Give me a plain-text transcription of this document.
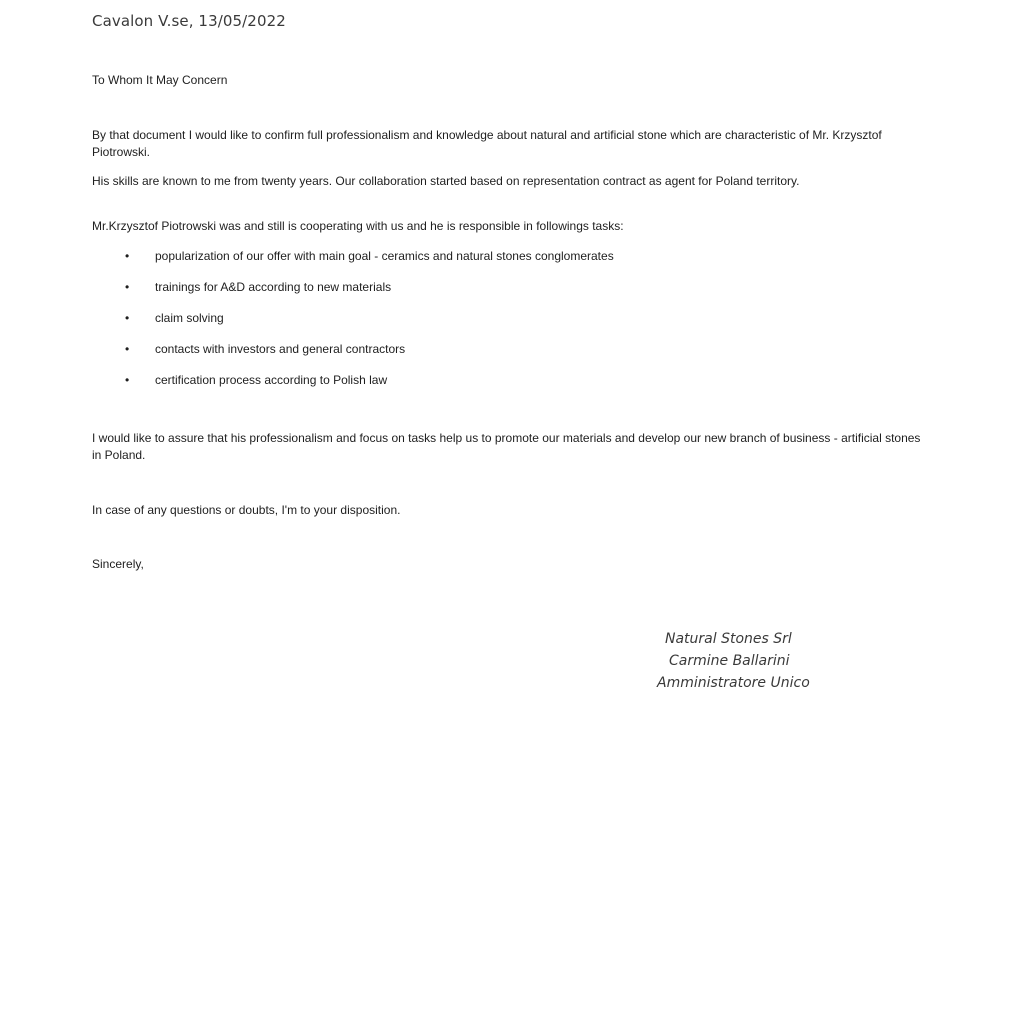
Cavalon V.se, 13/05/2022
To Whom It May Concern

By that document I would like to confirm full professionalism and knowledge about natural and artificial stone which are characteristic of Mr. Krzysztof Piotrowski.

His skills are known to me from twenty years. Our collaboration started based on representation contract as agent for Poland territory.

Mr.Krzysztof Piotrowski was and still is cooperating with us and he is responsible in followings tasks:

• popularization of our offer with main goal - ceramics and natural stones conglomerates
• trainings for A&D according to new materials
• claim solving
• contacts with investors and general contractors
• certification process according to Polish law

I would like to assure that his professionalism and focus on tasks help us to promote our materials and develop our new branch of business - artificial stones in Poland.

In case of any questions or doubts, I'm to your disposition.

Sincerely,
Natural Stones Srl
Carmine Ballarini
Amministratore Unico
